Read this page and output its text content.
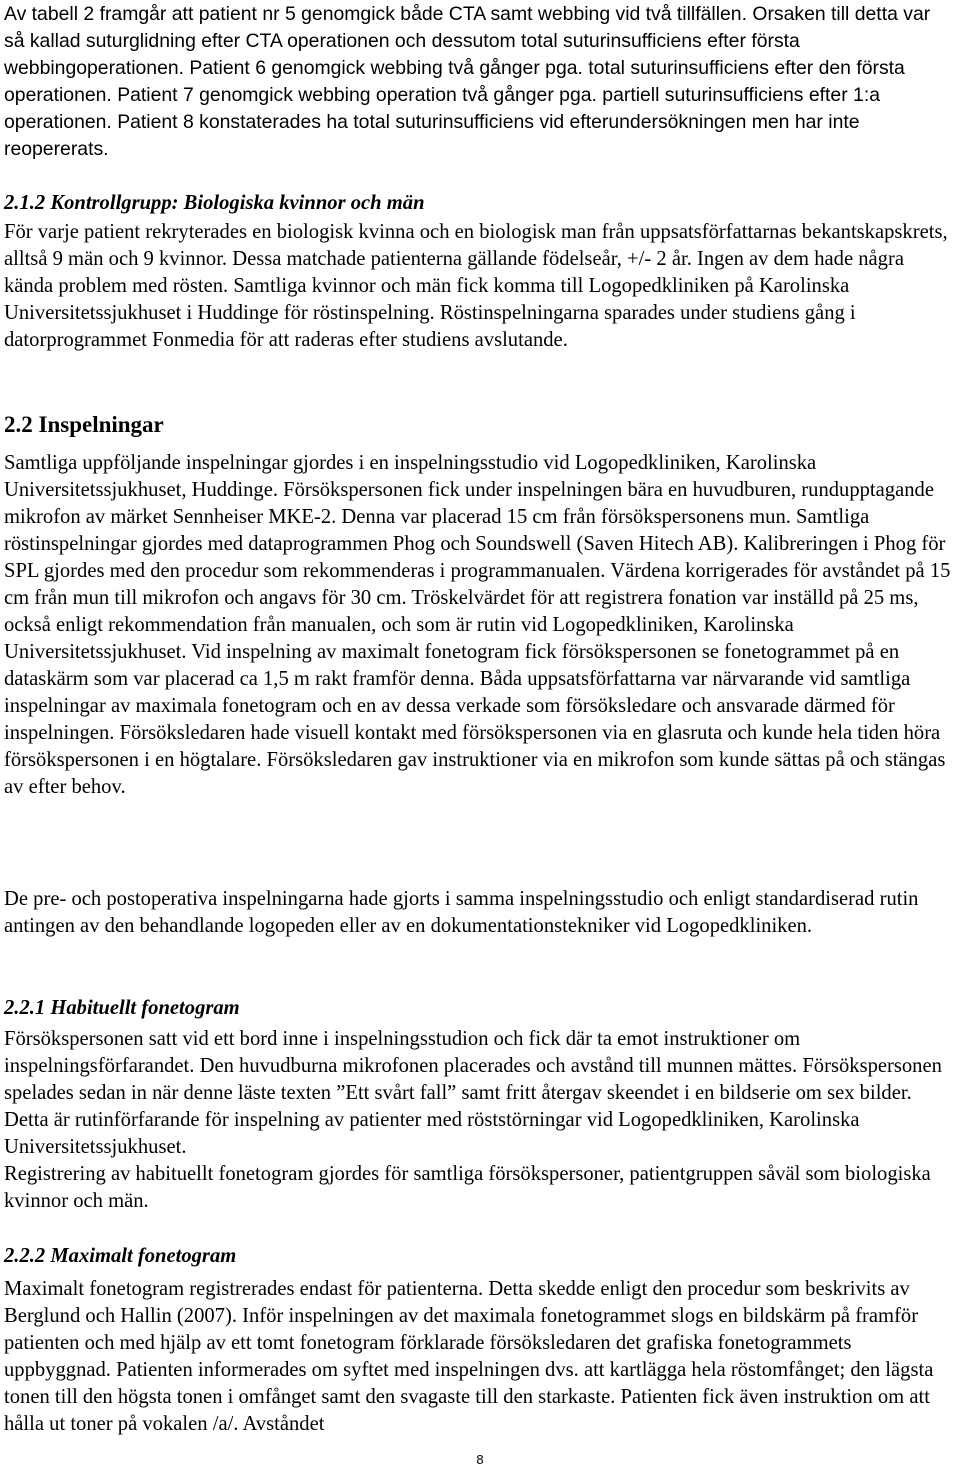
Av tabell 2 framgår att patient nr 5 genomgick både CTA samt webbing vid två tillfällen. Orsaken till detta var så kallad suturglidning efter CTA operationen och dessutom total suturinsufficiens efter första webbingoperationen. Patient 6 genomgick webbing två gånger pga. total suturinsufficiens efter den första operationen. Patient 7 genomgick webbing operation två gånger pga. partiell suturinsufficiens efter 1:a operationen. Patient 8 konstaterades ha total suturinsufficiens vid efterundersökningen men har inte reopererats.

2.1.2 Kontrollgrupp: Biologiska kvinnor och män

För varje patient rekryterades en biologisk kvinna och en biologisk man från uppsatsförfattarnas bekantskapskrets, alltså 9 män och 9 kvinnor. Dessa matchade patienterna gällande födelseår, +/- 2 år. Ingen av dem hade några kända problem med rösten. Samtliga kvinnor och män fick komma till Logopedkliniken på Karolinska Universitetssjukhuset i Huddinge för röstinspelning. Röstinspelningarna sparades under studiens gång i datorprogrammet Fonmedia för att raderas efter studiens avslutande.

2.2 Inspelningar

Samtliga uppföljande inspelningar gjordes i en inspelningsstudio vid Logopedkliniken, Karolinska Universitetssjukhuset, Huddinge. Försökspersonen fick under inspelningen bära en huvudburen, rundupptagande mikrofon av märket Sennheiser MKE-2. Denna var placerad 15 cm från försökspersonens mun. Samtliga röstinspelningar gjordes med dataprogrammen Phog och Soundswell (Saven Hitech AB). Kalibreringen i Phog för SPL gjordes med den procedur som rekommenderas i programmanualen. Värdena korrigerades för avståndet på 15 cm från mun till mikrofon och angavs för 30 cm. Tröskelvärdet för att registrera fonation var inställd på 25 ms, också enligt rekommendation från manualen, och som är rutin vid Logopedkliniken, Karolinska Universitetssjukhuset. Vid inspelning av maximalt fonetogram fick försökspersonen se fonetogrammet på en dataskärm som var placerad ca 1,5 m rakt framför denna. Båda uppsatsförfattarna var närvarande vid samtliga inspelningar av maximala fonetogram och en av dessa verkade som försöksledare och ansvarade därmed för inspelningen. Försöksledaren hade visuell kontakt med försökspersonen via en glasruta och kunde hela tiden höra försökspersonen i en högtalare. Försöksledaren gav instruktioner via en mikrofon som kunde sättas på och stängas av efter behov.

De pre- och postoperativa inspelningarna hade gjorts i samma inspelningsstudio och enligt standardiserad rutin antingen av den behandlande logopeden eller av en dokumentationstekniker vid Logopedkliniken.

2.2.1 Habituellt fonetogram

Försökspersonen satt vid ett bord inne i inspelningsstudion och fick där ta emot instruktioner om inspelningsförfarandet. Den huvudburna mikrofonen placerades och avstånd till munnen mättes. Försökspersonen spelades sedan in när denne läste texten ”Ett svårt fall” samt fritt återgav skeendet i en bildserie om sex bilder. Detta är rutinförfarande för inspelning av patienter med röststörningar vid Logopedkliniken, Karolinska Universitetssjukhuset.

Registrering av habituellt fonetogram gjordes för samtliga försökspersoner, patientgruppen såväl som biologiska kvinnor och män.

2.2.2 Maximalt fonetogram

Maximalt fonetogram registrerades endast för patienterna. Detta skedde enligt den procedur som beskrivits av Berglund och Hallin (2007). Inför inspelningen av det maximala fonetogrammet slogs en bildskärm på framför patienten och med hjälp av ett tomt fonetogram förklarade försöksledaren det grafiska fonetogrammets uppbyggnad. Patienten informerades om syftet med inspelningen dvs. att kartlägga hela röstomfånget; den lägsta tonen till den högsta tonen i omfånget samt den svagaste till den starkaste. Patienten fick även instruktion om att hålla ut toner på vokalen /a/. Avståndet

8
